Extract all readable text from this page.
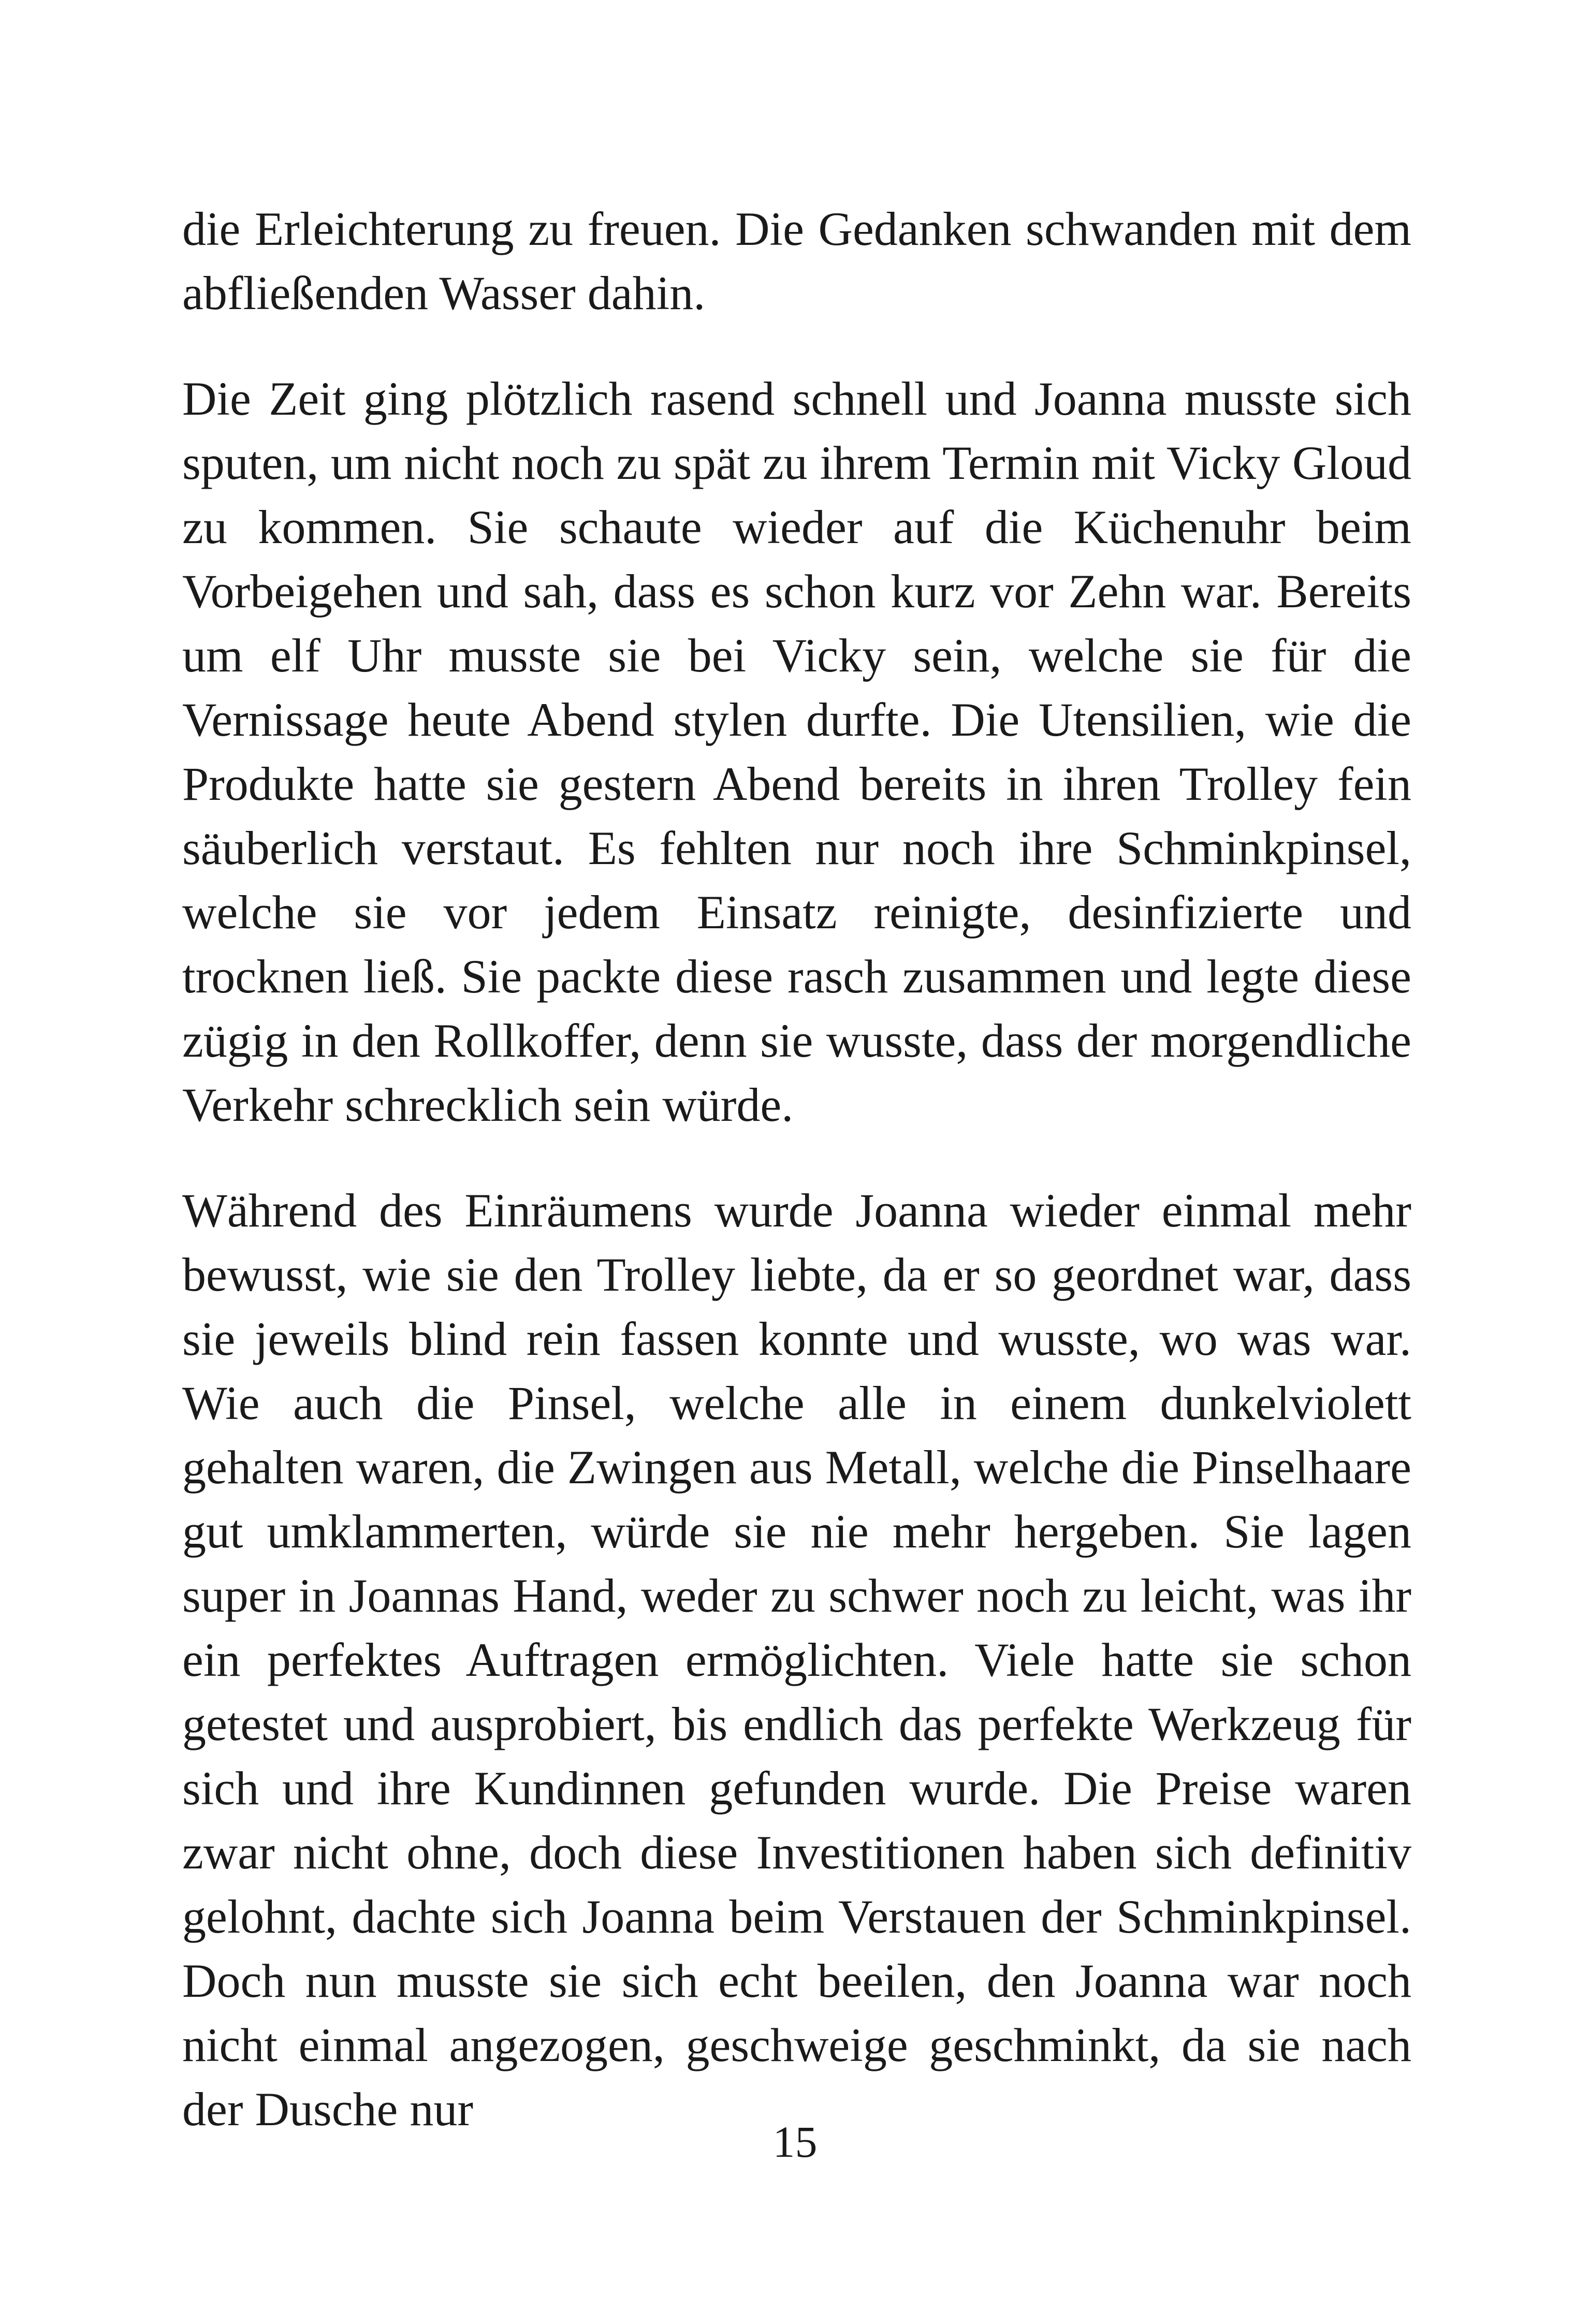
die Erleichterung zu freuen. Die Gedanken schwanden mit dem abfließenden Wasser dahin.

Die Zeit ging plötzlich rasend schnell und Joanna musste sich sputen, um nicht noch zu spät zu ihrem Termin mit Vicky Gloud zu kommen. Sie schaute wieder auf die Küchenuhr beim Vorbeigehen und sah, dass es schon kurz vor Zehn war. Bereits um elf Uhr musste sie bei Vicky sein, welche sie für die Vernissage heute Abend stylen durfte. Die Utensilien, wie die Produkte hatte sie gestern Abend bereits in ihren Trolley fein säuberlich verstaut. Es fehlten nur noch ihre Schminkpinsel, welche sie vor jedem Einsatz reinigte, desinfizierte und trocknen ließ. Sie packte diese rasch zusammen und legte diese zügig in den Rollkoffer, denn sie wusste, dass der morgendliche Verkehr schrecklich sein würde.

Während des Einräumens wurde Joanna wieder einmal mehr bewusst, wie sie den Trolley liebte, da er so geordnet war, dass sie jeweils blind rein fassen konnte und wusste, wo was war. Wie auch die Pinsel, welche alle in einem dunkelviolett gehalten waren, die Zwingen aus Metall, welche die Pinselhaare gut umklammerten, würde sie nie mehr hergeben. Sie lagen super in Joannas Hand, weder zu schwer noch zu leicht, was ihr ein perfektes Auftragen ermöglichten. Viele hatte sie schon getestet und ausprobiert, bis endlich das perfekte Werkzeug für sich und ihre Kundinnen gefunden wurde. Die Preise waren zwar nicht ohne, doch diese Investitionen haben sich definitiv gelohnt, dachte sich Joanna beim Verstauen der Schminkpinsel. Doch nun musste sie sich echt beeilen, den Joanna war noch nicht einmal angezogen, geschweige geschminkt, da sie nach der Dusche nur

15
